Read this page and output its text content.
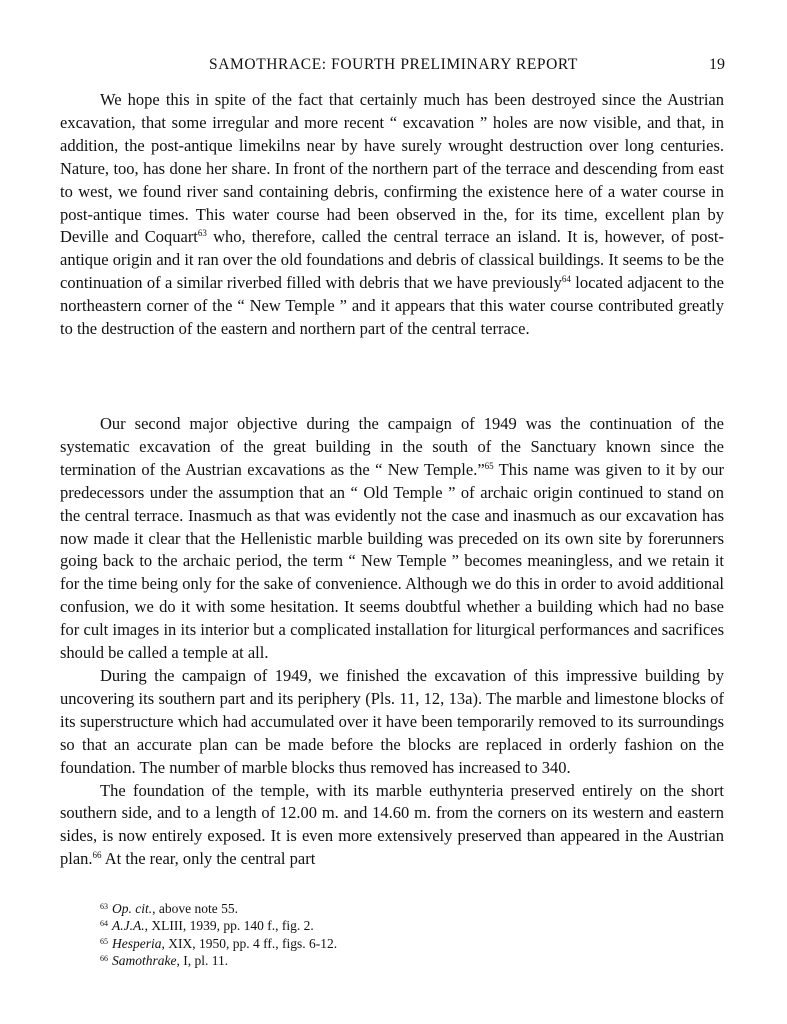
SAMOTHRACE: FOURTH PRELIMINARY REPORT	19

We hope this in spite of the fact that certainly much has been destroyed since the Austrian excavation, that some irregular and more recent “ excavation ” holes are now visible, and that, in addition, the post-antique limekilns near by have surely wrought destruction over long centuries. Nature, too, has done her share. In front of the northern part of the terrace and descending from east to west, we found river sand containing debris, confirming the existence here of a water course in post-antique times. This water course had been observed in the, for its time, excellent plan by Deville and Coquart$^{63}$ who, therefore, called the central terrace an island. It is, however, of post-antique origin and it ran over the old foundations and debris of classical buildings. It seems to be the continuation of a similar riverbed filled with debris that we have previously$^{64}$ located adjacent to the northeastern corner of the “ New Temple ” and it appears that this water course contributed greatly to the destruction of the eastern and northern part of the central terrace.

Our second major objective during the campaign of 1949 was the continuation of the systematic excavation of the great building in the south of the Sanctuary known since the termination of the Austrian excavations as the “ New Temple.”$^{65}$ This name was given to it by our predecessors under the assumption that an “ Old Temple ” of archaic origin continued to stand on the central terrace. Inasmuch as that was evidently not the case and inasmuch as our excavation has now made it clear that the Hellenistic marble building was preceded on its own site by forerunners going back to the archaic period, the term “ New Temple ” becomes meaningless, and we retain it for the time being only for the sake of convenience. Although we do this in order to avoid additional confusion, we do it with some hesitation. It seems doubtful whether a building which had no base for cult images in its interior but a complicated installation for liturgical performances and sacrifices should be called a temple at all.

During the campaign of 1949, we finished the excavation of this impressive building by uncovering its southern part and its periphery (Pls. 11, 12, 13a). The marble and limestone blocks of its superstructure which had accumulated over it have been temporarily removed to its surroundings so that an accurate plan can be made before the blocks are replaced in orderly fashion on the foundation. The number of marble blocks thus removed has increased to 340.

The foundation of the temple, with its marble euthynteria preserved entirely on the short southern side, and to a length of 12.00 m. and 14.60 m. from the corners on its western and eastern sides, is now entirely exposed. It is even more extensively preserved than appeared in the Austrian plan.$^{66}$ At the rear, only the central part

$^{63}$ Op. cit., above note 55.

$^{64}$ A.J.A., XLIII, 1939, pp. 140 f., fig. 2.

$^{65}$ Hesperia, XIX, 1950, pp. 4 ff., figs. 6-12.

$^{66}$ Samothrake, I, pl. 11.
